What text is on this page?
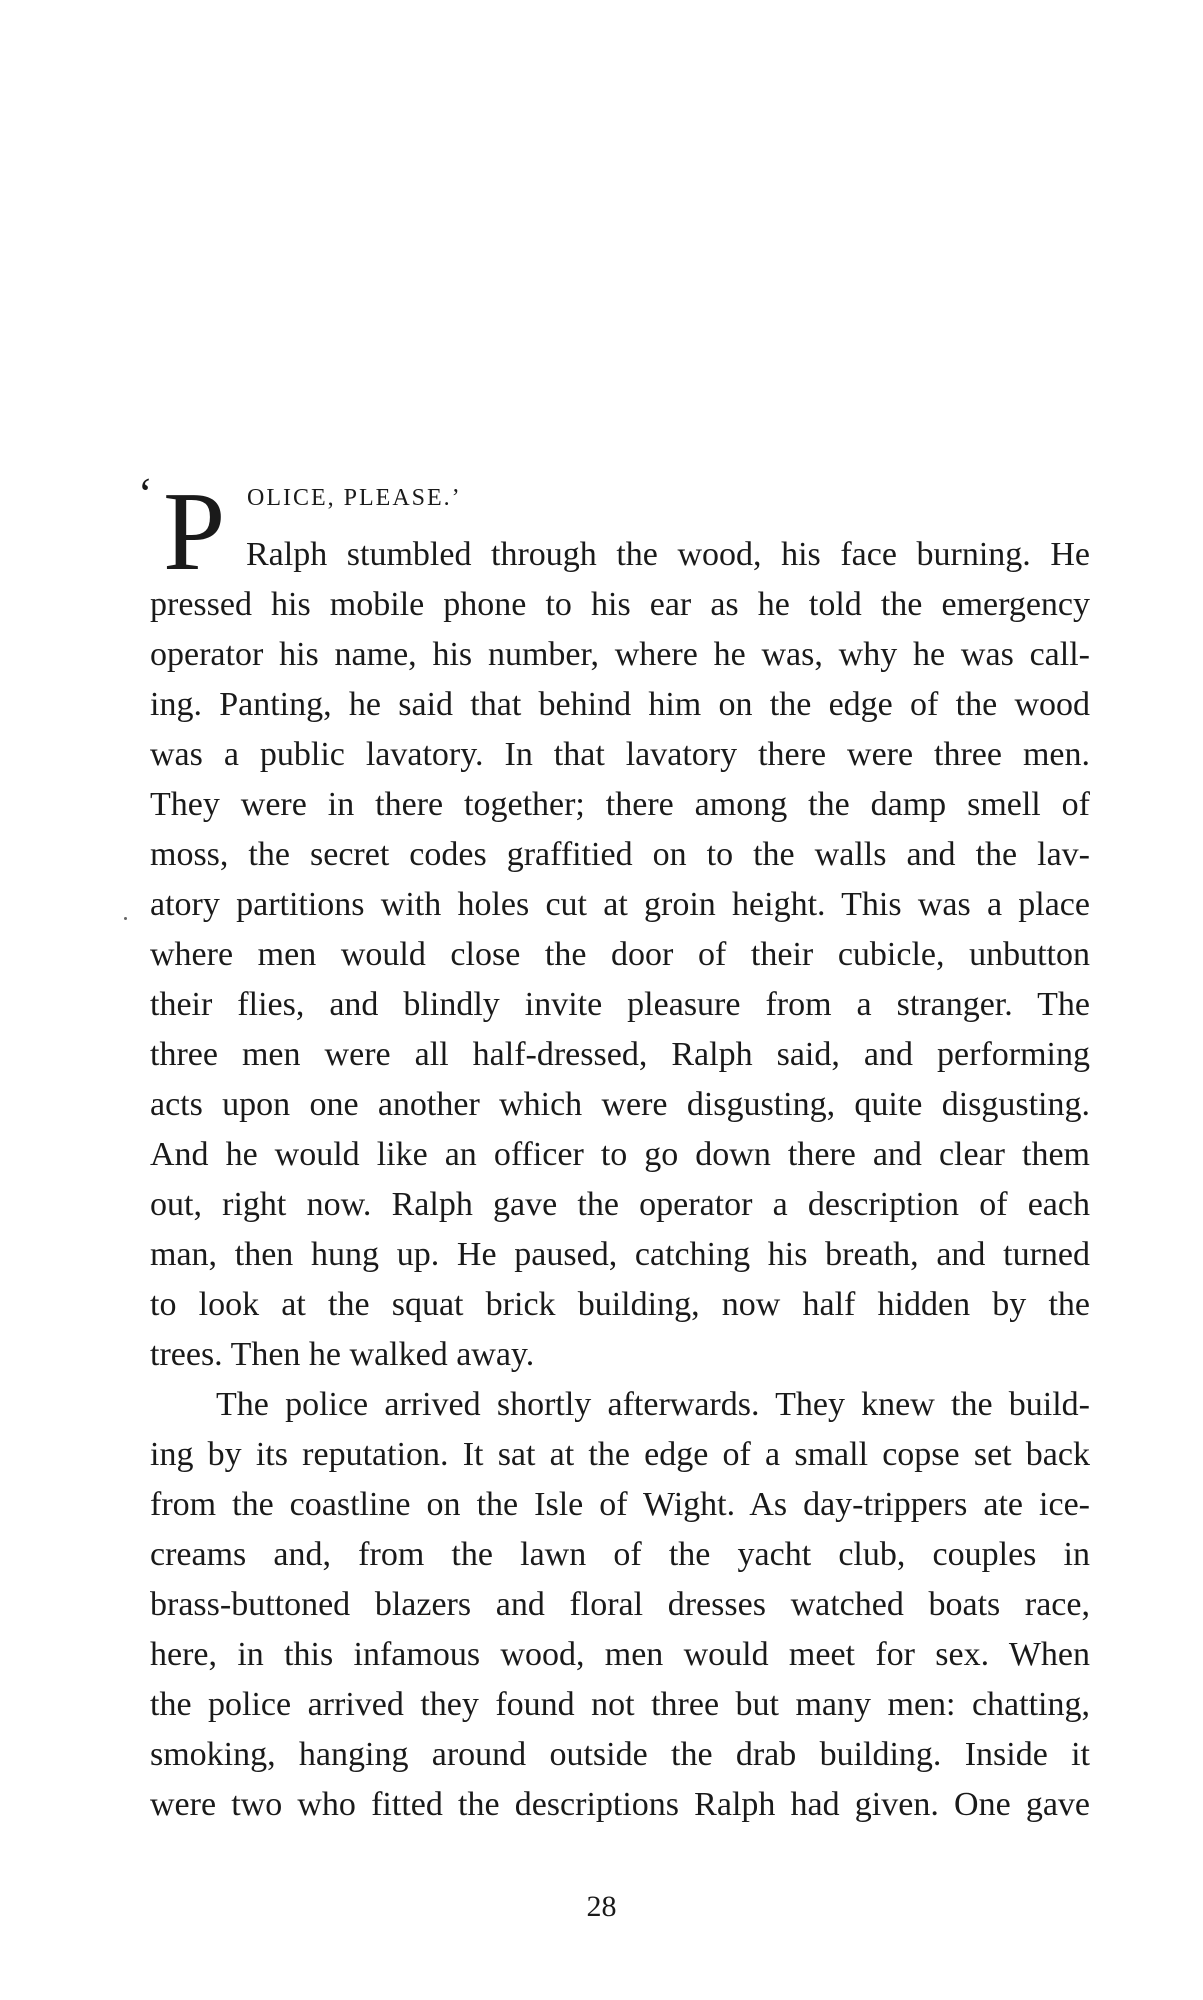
‘ P OLICE, PLEASE.’
Ralph stumbled through the wood, his face burning. He
pressed his mobile phone to his ear as he told the emergency
operator his name, his number, where he was, why he was call-
ing. Panting, he said that behind him on the edge of the wood
was a public lavatory. In that lavatory there were three men.
They were in there together; there among the damp smell of
moss, the secret codes graffitied on to the walls and the lav-
atory partitions with holes cut at groin height. This was a place
where men would close the door of their cubicle, unbutton
their flies, and blindly invite pleasure from a stranger. The
three men were all half-dressed, Ralph said, and performing
acts upon one another which were disgusting, quite disgusting.
And he would like an officer to go down there and clear them
out, right now. Ralph gave the operator a description of each
man, then hung up. He paused, catching his breath, and turned
to look at the squat brick building, now half hidden by the
trees. Then he walked away.
The police arrived shortly afterwards. They knew the build-
ing by its reputation. It sat at the edge of a small copse set back
from the coastline on the Isle of Wight. As day-trippers ate ice-
creams and, from the lawn of the yacht club, couples in
brass-buttoned blazers and floral dresses watched boats race,
here, in this infamous wood, men would meet for sex. When
the police arrived they found not three but many men: chatting,
smoking, hanging around outside the drab building. Inside it
were two who fitted the descriptions Ralph had given. One gave
28
